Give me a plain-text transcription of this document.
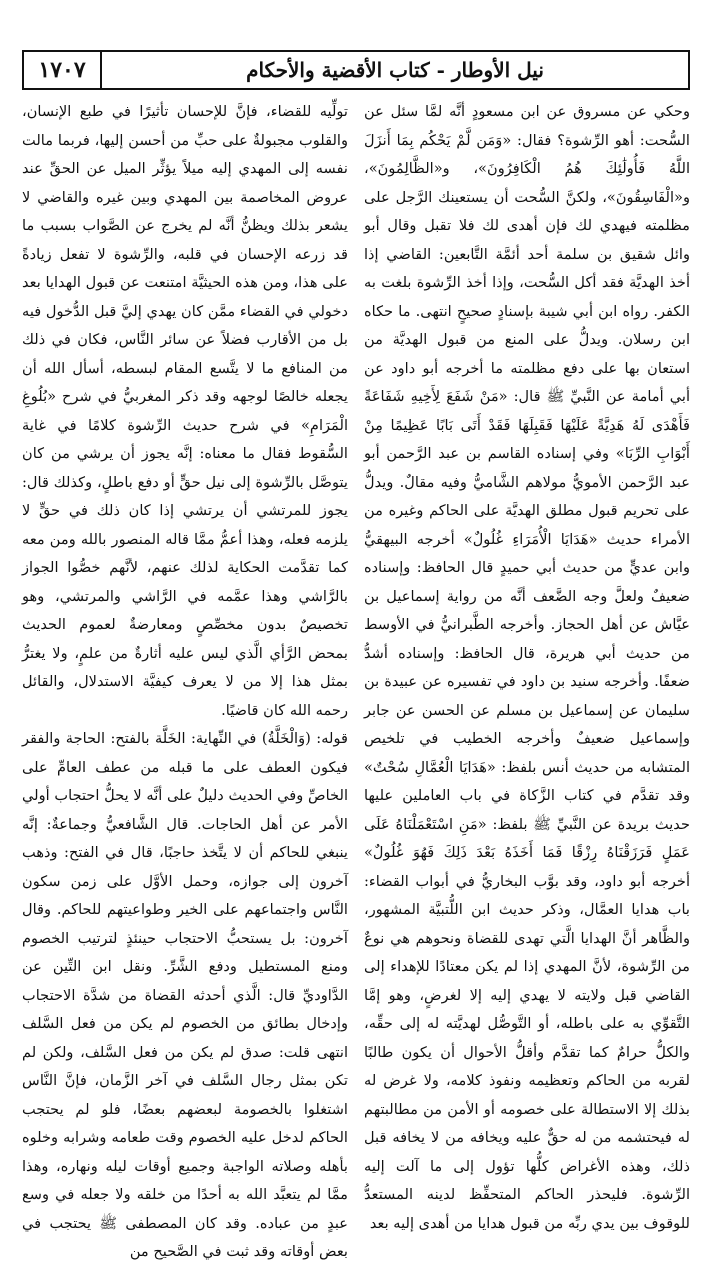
١٧٠٧	نيل الأوطار - كتاب الأقضية والأحكام

وحكي عن مسروق عن ابن مسعودٍ أنَّه لمَّا سئل عن السُّحت: أهو الرِّشوة؟ فقال: «وَمَن لَّمْ يَحْكُم بِمَا أَنزَلَ اللَّهُ فَأُولَٰئِكَ هُمُ الْكَافِرُونَ»، و«الظَّالِمُونَ»، و«الْفَاسِقُونَ»، ولكنَّ السُّحت أن يستعينك الرَّجل على مظلمته فيهدي لك فإن أهدى لك فلا تقبل وقال أبو وائل شقيق بن سلمة أحد أئمَّة التَّابعين: القاضي إذا أخذ الهديَّة فقد أكل السُّحت، وإذا أخذ الرِّشوة بلغت به الكفر. رواه ابن أبي شيبة بإسنادٍ صحيحٍ انتهى. ما حكاه ابن رسلان. ويدلُّ على المنع من قبول الهديَّة من استعان بها على دفع مظلمته ما أخرجه أبو داود عن أبي أمامة عن النَّبيِّ ﷺ قال: «مَنْ شَفَعَ لِأَخِيهِ شَفَاعَةً فَأَهْدَى لَهُ هَدِيَّةً عَلَيْهَا فَقَبِلَهَا فَقَدْ أَتَى بَابًا عَظِيمًا مِنْ أَبْوَابِ الرِّبَا» وفي إسناده القاسم بن عبد الرَّحمن أبو عبد الرَّحمن الأمويُّ مولاهم الشَّاميُّ وفيه مقالٌ. ويدلُّ على تحريم قبول مطلق الهديَّة على الحاكم وغيره من الأمراء حديث «هَدَايَا الْأُمَرَاءِ غُلُولٌ» أخرجه البيهقيُّ وابن عديٍّ من حديث أبي حميدٍ قال الحافظ: وإسناده ضعيفٌ ولعلَّ وجه الضَّعف أنَّه من رواية إسماعيل بن عيَّاش عن أهل الحجاز. وأخرجه الطَّبرانيُّ في الأوسط من حديث أبي هريرة، قال الحافظ: وإسناده أشدُّ ضعفًا. وأخرجه سنيد بن داود في تفسيره عن عبيدة بن سليمان عن إسماعيل بن مسلم عن الحسن عن جابر وإسماعيل ضعيفٌ وأخرجه الخطيب في تلخيص المتشابه من حديث أنس بلفظ: «هَدَايَا الْعُمَّالِ سُحْتٌ» وقد تقدَّم في كتاب الزَّكاة في باب العاملين عليها حديث بريدة عن النَّبيِّ ﷺ بلفظ: «مَنِ اسْتَعْمَلْنَاهُ عَلَى عَمَلٍ فَرَزَقْنَاهُ رِزْقًا فَمَا أَخَذَهُ بَعْدَ ذَلِكَ فَهُوَ غُلُولٌ» أخرجه أبو داود، وقد بوَّب البخاريُّ في أبواب القضاء: باب هدايا العمَّال، وذكر حديث ابن اللُّتبيَّة المشهور، والظَّاهر أنَّ الهدايا الَّتي تهدى للقضاة ونحوهم هي نوعٌ من الرِّشوة، لأنَّ المهدي إذا لم يكن معتادًا للإهداء إلى القاضي قبل ولايته لا يهدي إليه إلا لغرضٍ، وهو إمَّا التَّقوِّي به على باطله، أو التَّوصُّل لهديَّته له إلى حقِّه، والكلُّ حرامٌ كما تقدَّم وأقلُّ الأحوال أن يكون طالبًا لقربه من الحاكم وتعظيمه ونفوذ كلامه، ولا غرض له بذلك إلا الاستطالة على خصومه أو الأمن من مطالبتهم له فيحتشمه من له حقٌّ عليه ويخافه من لا يخافه قبل ذلك، وهذه الأغراض كلُّها تؤول إلى ما آلت إليه الرِّشوة. فليحذر الحاكم المتحفِّظ لدينه المستعدُّ للوقوف بين يدي ربِّه من قبول هدايا من أهدى إليه بعد

تولِّيه للقضاء، فإنَّ للإحسان تأثيرًا في طبع الإنسان، والقلوب مجبولةٌ على حبِّ من أحسن إليها، فربما مالت نفسه إلى المهدي إليه ميلاً يؤثِّر الميل عن الحقِّ عند عروض المخاصمة بين المهدي وبين غيره والقاضي لا يشعر بذلك ويظنُّ أنَّه لم يخرج عن الصَّواب بسبب ما قد زرعه الإحسان في قلبه، والرِّشوة لا تفعل زيادةً على هذا، ومن هذه الحيثيَّة امتنعت عن قبول الهدايا بعد دخولي في القضاء ممَّن كان يهدي إليَّ قبل الدُّخول فيه بل من الأقارب فضلاً عن سائر النَّاس، فكان في ذلك من المنافع ما لا يتَّسع المقام لبسطه، أسأل الله أن يجعله خالصًا لوجهه وقد ذكر المغربيُّ في شرح «بُلُوغِ الْمَرَامِ» في شرح حديث الرِّشوة كلامًا في غاية السُّقوط فقال ما معناه: إنَّه يجوز أن يرشي من كان يتوصَّل بالرِّشوة إلى نيل حقٍّ أو دفع باطلٍ، وكذلك قال: يجوز للمرتشي أن يرتشي إذا كان ذلك في حقٍّ لا يلزمه فعله، وهذا أعمُّ ممَّا قاله المنصور بالله ومن معه كما تقدَّمت الحكاية لذلك عنهم، لأنَّهم خصُّوا الجواز بالرَّاشي وهذا عمَّمه في الرَّاشي والمرتشي، وهو تخصيصٌ بدون مخصِّصٍ ومعارضةٌ لعموم الحديث بمحض الرَّأي الَّذي ليس عليه أثارةٌ من علمٍ، ولا يغترُّ بمثل هذا إلا من لا يعرف كيفيَّة الاستدلال، والقائل رحمه الله كان قاضيًا.

قوله: (وَالْخَلَّةُ) في النِّهاية: الخَلَّة بالفتح: الحاجة والفقر فيكون العطف على ما قبله من عطف العامِّ على الخاصِّ وفي الحديث دليلٌ على أنَّه لا يحلُّ احتجاب أولي الأمر عن أهل الحاجات. قال الشَّافعيُّ وجماعةٌ: إنَّه ينبغي للحاكم أن لا يتَّخذ حاجبًا، قال في الفتح: وذهب آخرون إلى جوازه، وحمل الأوَّل على زمن سكون النَّاس واجتماعهم على الخير وطواعيتهم للحاكم. وقال آخرون: بل يستحبُّ الاحتجاب حينئذٍ لترتيب الخصوم ومنع المستطيل ودفع الشَّرِّ. ونقل ابن التِّين عن الدَّاوديِّ قال: الَّذي أحدثه القضاة من شدَّة الاحتجاب وإدخال بطائق من الخصوم لم يكن من فعل السَّلف انتهى قلت: صدق لم يكن من فعل السَّلف، ولكن لم تكن بمثل رجال السَّلف في آخر الزَّمان، فإنَّ النَّاس اشتغلوا بالخصومة لبعضهم بعضًا، فلو لم يحتجب الحاكم لدخل عليه الخصوم وقت طعامه وشرابه وخلوه بأهله وصلاته الواجبة وجميع أوقات ليله ونهاره، وهذا ممَّا لم يتعبَّد الله به أحدًا من خلقه ولا جعله في وسع عبدٍ من عباده. وقد كان المصطفى ﷺ يحتجب في بعض أوقاته وقد ثبت في الصَّحيح من
